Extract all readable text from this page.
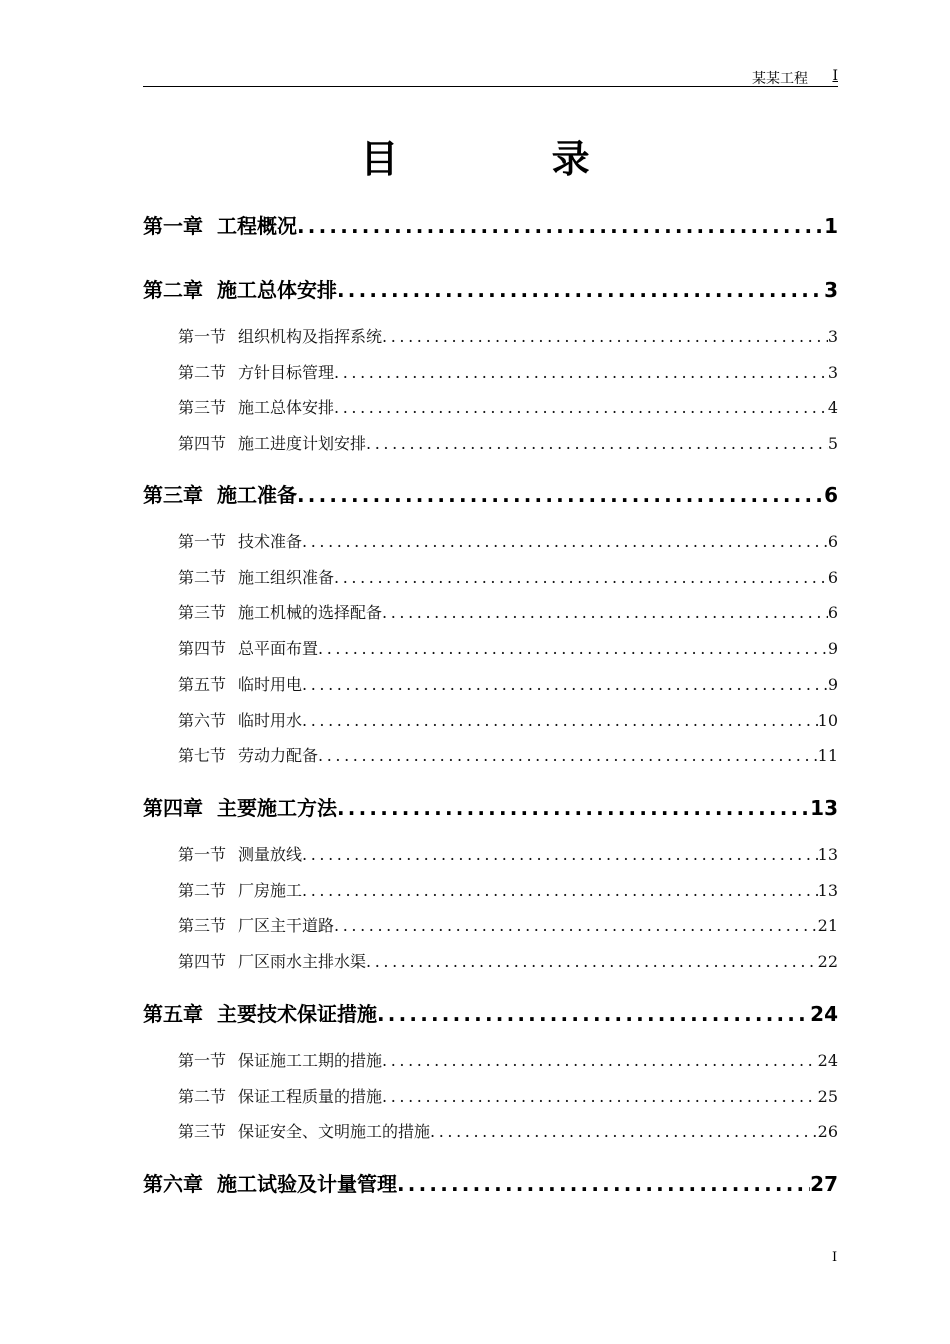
某某工程 I
目 录
第一章 工程概况 .....	1
第二章 施工总体安排 .....	3
第一节 组织机构及指挥系统 .....	3
第二节 方针目标管理 .....	3
第三节 施工总体安排 .....	4
第四节 施工进度计划安排 .....	5
第三章 施工准备 .....	6
第一节 技术准备 .....	6
第二节 施工组织准备 .....	6
第三节 施工机械的选择配备 .....	6
第四节 总平面布置 .....	9
第五节 临时用电 .....	9
第六节 临时用水 .....	10
第七节 劳动力配备 .....	11
第四章 主要施工方法 .....	13
第一节 测量放线 .....	13
第二节 厂房施工 .....	13
第三节 厂区主干道路 .....	21
第四节 厂区雨水主排水渠 .....	22
第五章 主要技术保证措施 .....	24
第一节 保证施工工期的措施 .....	24
第二节 保证工程质量的措施 .....	25
第三节 保证安全、文明施工的措施 .....	26
第六章 施工试验及计量管理 .....	27
I
